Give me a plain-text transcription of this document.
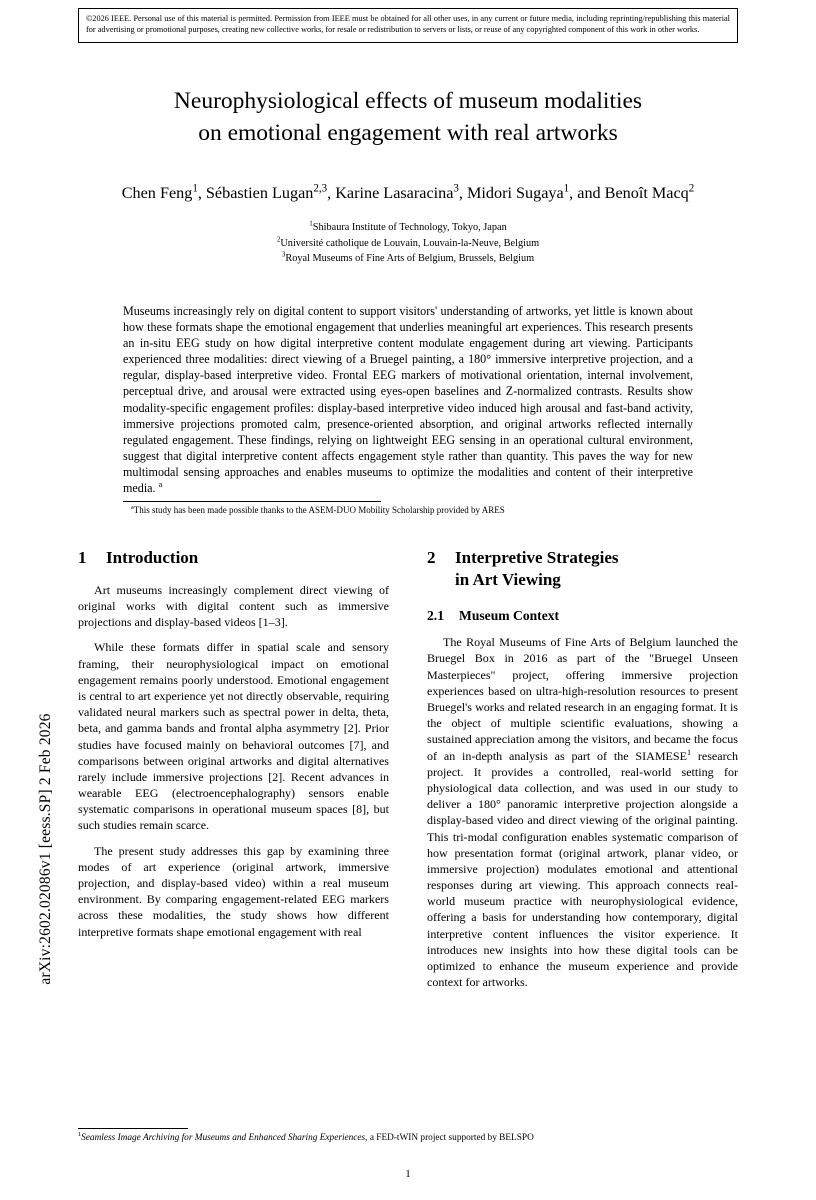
arXiv:2602.02086v1 [eess.SP] 2 Feb 2026
©2026 IEEE. Personal use of this material is permitted. Permission from IEEE must be obtained for all other uses, in any current or future media, including reprinting/republishing this material for advertising or promotional purposes, creating new collective works, for resale or redistribution to servers or lists, or reuse of any copyrighted component of this work in other works.
Neurophysiological effects of museum modalities
on emotional engagement with real artworks
Chen Feng$^1$, Sébastien Lugan$^{2,3}$, Karine Lasaracina$^3$, Midori Sugaya$^1$, and Benoît Macq$^2$
$^1$Shibaura Institute of Technology, Tokyo, Japan
$^2$Université catholique de Louvain, Louvain-la-Neuve, Belgium
$^3$Royal Museums of Fine Arts of Belgium, Brussels, Belgium

Museums increasingly rely on digital content to support visitors' understanding of artworks, yet little is known about how these formats shape the emotional engagement that underlies meaningful art experiences. This research presents an in-situ EEG study on how digital interpretive content modulate engagement during art viewing. Participants experienced three modalities: direct viewing of a Bruegel painting, a 180° immersive interpretive projection, and a regular, display-based interpretive video. Frontal EEG markers of motivational orientation, internal involvement, perceptual drive, and arousal were extracted using eyes-open baselines and Z-normalized contrasts. Results show modality-specific engagement profiles: display-based interpretive video induced high arousal and fast-band activity, immersive projections promoted calm, presence-oriented absorption, and original artworks reflected internally regulated engagement. These findings, relying on lightweight EEG sensing in an operational cultural environment, suggest that digital interpretive content affects engagement style rather than quantity. This paves the way for new multimodal sensing approaches and enables museums to optimize the modalities and content of their interpretive media. $^a$

$^a$This study has been made possible thanks to the ASEM-DUO Mobility Scholarship provided by ARES
1 Introduction

Art museums increasingly complement direct viewing of original works with digital content such as immersive projections and display-based videos [1–3].

While these formats differ in spatial scale and sensory framing, their neurophysiological impact on emotional engagement remains poorly understood. Emotional engagement is central to art experience yet not directly observable, requiring validated neural markers such as spectral power in delta, theta, beta, and gamma bands and frontal alpha asymmetry [2]. Prior studies have focused mainly on behavioral outcomes [7], and comparisons between original artworks and digital alternatives rarely include immersive projections [2]. Recent advances in wearable EEG (electroencephalography) sensors enable systematic comparisons in operational museum spaces [8], but such studies remain scarce.

The present study addresses this gap by examining three modes of art experience (original artwork, immersive projection, and display-based video) within a real museum environment. By comparing engagement-related EEG markers across these modalities, the study shows how different interpretive formats shape emotional engagement with real

2 Interpretive Strategies
in Art Viewing
2.1 Museum Context

The Royal Museums of Fine Arts of Belgium launched the Bruegel Box in 2016 as part of the "Bruegel Unseen Masterpieces" project, offering immersive projection experiences based on ultra-high-resolution resources to present Bruegel's works and related research in an engaging format. It is the object of multiple scientific evaluations, showing a sustained appreciation among the visitors, and became the focus of an in-depth analysis as part of the SIAMESE$^1$ research project. It provides a controlled, real-world setting for physiological data collection, and was used in our study to deliver a 180° panoramic interpretive projection alongside a display-based video and direct viewing of the original painting. This tri-modal configuration enables systematic comparison of how presentation format (original artwork, planar video, or immersive projection) modulates emotional and attentional responses during art viewing. This approach connects real-world museum practice with neurophysiological evidence, offering a basis for understanding how contemporary, digital interpretive content influences the visitor experience. It introduces new insights into how these digital tools can be optimized to enhance the museum experience and provide context for artworks.

$^1$Seamless Image Archiving for Museums and Enhanced Sharing Experiences, a FED-tWIN project supported by BELSPO
1
